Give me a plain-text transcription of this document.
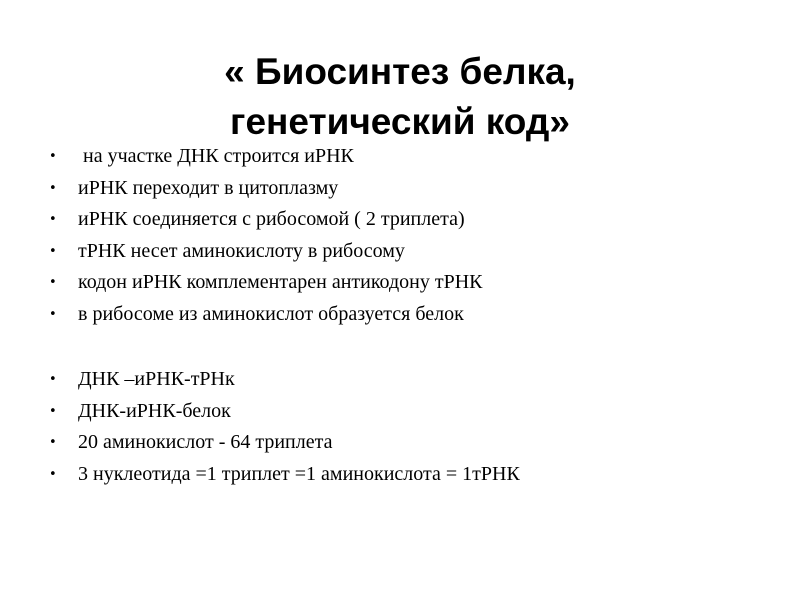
« Биосинтез белка,
генетический код»
• на участке ДНК строится иРНК
• иРНК переходит в цитоплазму
• иРНК соединяется с рибосомой ( 2 триплета)
• тРНК несет аминокислоту в рибосому
• кодон иРНК комплементарен антикодону тРНК
• в рибосоме из аминокислот образуется белок
• ДНК –иРНК-тРНк
• ДНК-иРНК-белок
• 20 аминокислот - 64 триплета
• 3 нуклеотида =1 триплет =1 аминокислота = 1тРНК
